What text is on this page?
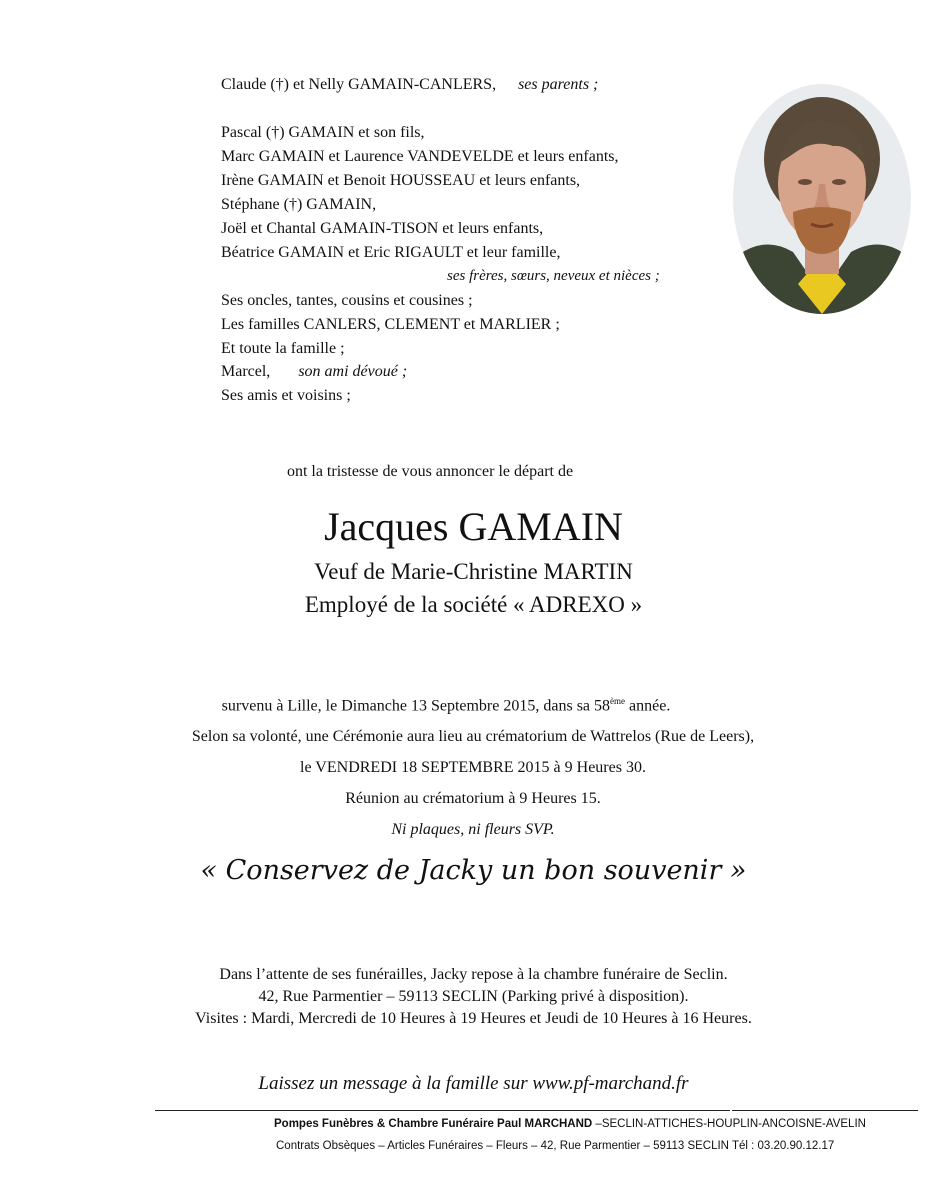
Claude (†) et Nelly GAMAIN-CANLERS, ses parents ;
Pascal (†) GAMAIN et son fils,
Marc GAMAIN et Laurence VANDEVELDE et leurs enfants,
Irène GAMAIN et Benoit HOUSSEAU et leurs enfants,
Stéphane (†) GAMAIN,
Joël et Chantal GAMAIN-TISON et leurs enfants,
Béatrice GAMAIN et Eric RIGAULT et leur famille,
ses frères, sœurs, neveux et nièces ;
Ses oncles, tantes, cousins et cousines ;
Les familles CANLERS, CLEMENT et MARLIER ;
Et toute la famille ;
Marcel, son ami dévoué ;
Ses amis et voisins ;
ont la tristesse de vous annoncer le départ de
Jacques GAMAIN
Veuf de Marie-Christine MARTIN
Employé de la société « ADREXO »
survenu à Lille, le Dimanche 13 Septembre 2015, dans sa 58ème année.
Selon sa volonté, une Cérémonie aura lieu au crématorium de Wattrelos (Rue de Leers),
le VENDREDI 18 SEPTEMBRE 2015 à 9 Heures 30.
Réunion au crématorium à 9 Heures 15.
Ni plaques, ni fleurs SVP.
« Conservez de Jacky un bon souvenir »
Dans l’attente de ses funérailles, Jacky repose à la chambre funéraire de Seclin.
42, Rue Parmentier – 59113 SECLIN (Parking privé à disposition).
Visites : Mardi, Mercredi de 10 Heures à 19 Heures et Jeudi de 10 Heures à 16 Heures.
Laissez un message à la famille sur www.pf-marchand.fr
Pompes Funèbres & Chambre Funéraire Paul MARCHAND –SECLIN-ATTICHES-HOUPLIN-ANCOISNE-AVELIN
Contrats Obsèques – Articles Funéraires – Fleurs – 42, Rue Parmentier – 59113 SECLIN Tél : 03.20.90.12.17
